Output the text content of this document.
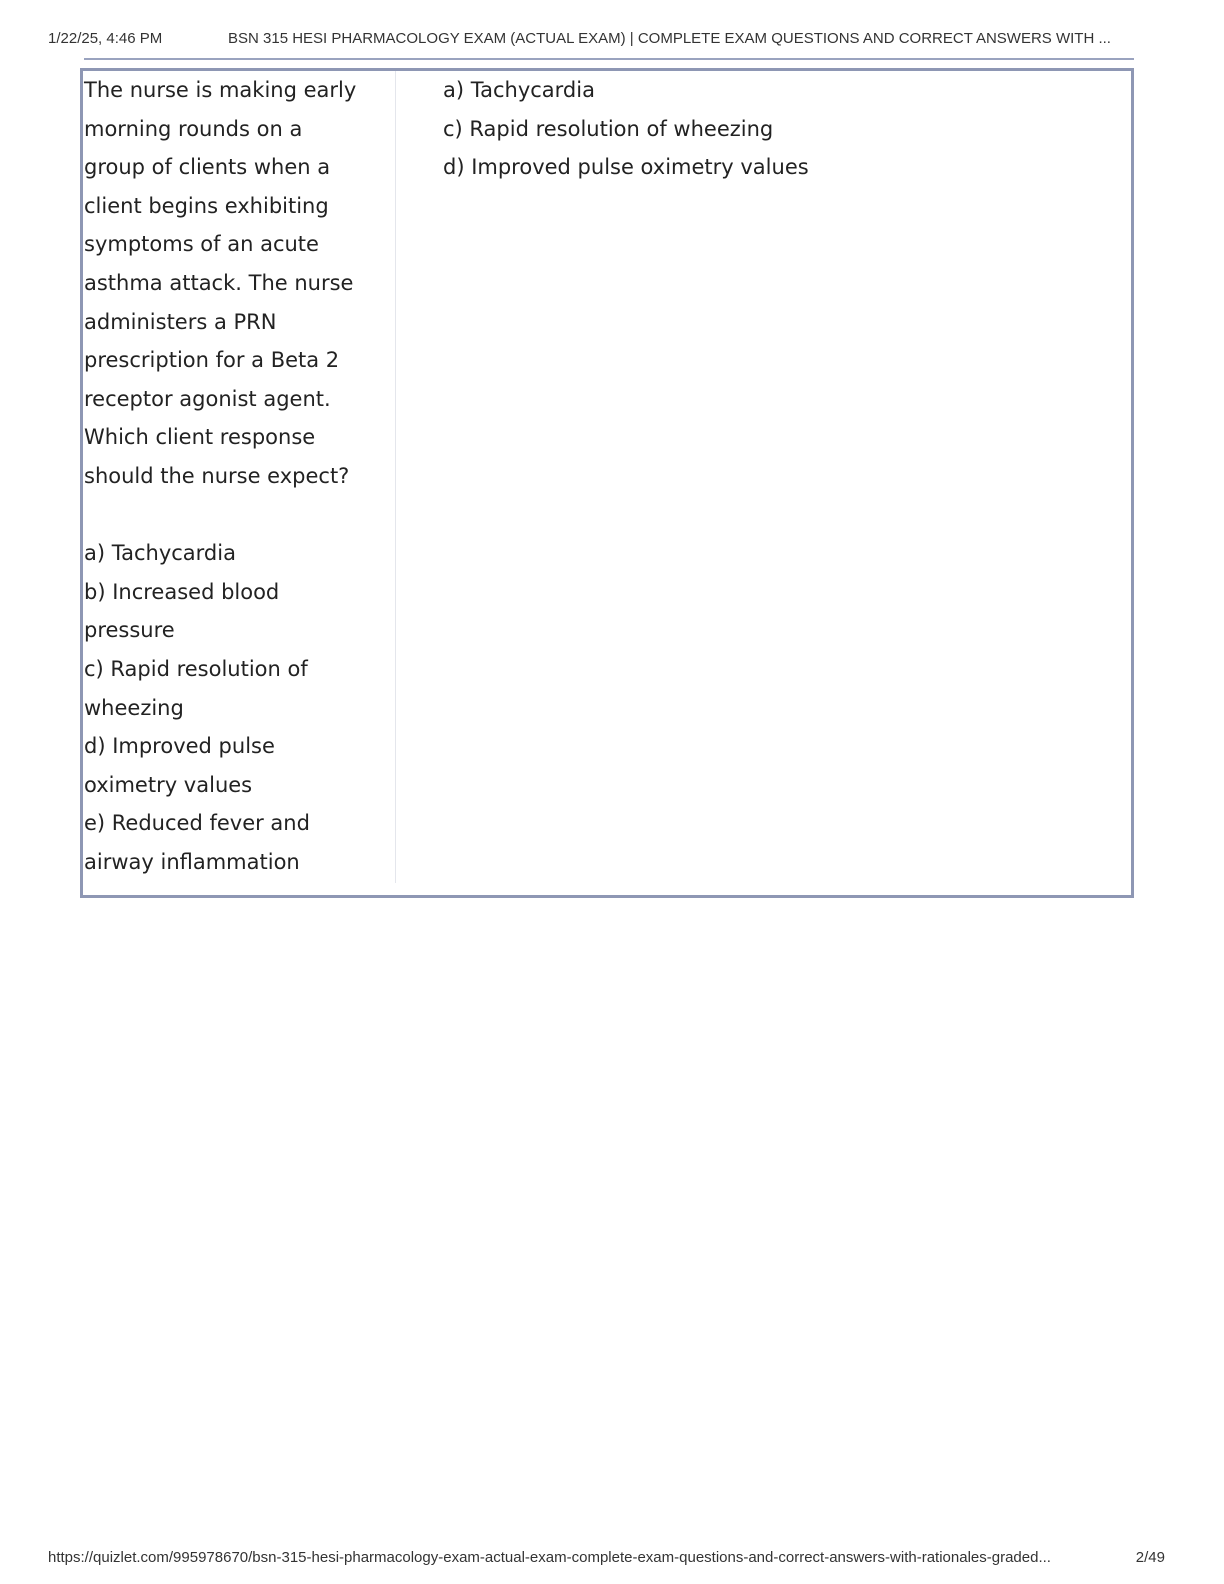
1/22/25, 4:46 PM	BSN 315 HESI PHARMACOLOGY EXAM (ACTUAL EXAM) | COMPLETE EXAM QUESTIONS AND CORRECT ANSWERS WITH ...

The nurse is making early

morning rounds on a

group of clients when a

client begins exhibiting

symptoms of an acute

asthma attack. The nurse

administers a PRN

prescription for a Beta 2

receptor agonist agent.

Which client response

should the nurse expect?

a) Tachycardia

b) Increased blood

pressure

c) Rapid resolution of

wheezing

d) Improved pulse

oximetry values

e) Reduced fever and

airway inflammation

a) Tachycardia

c) Rapid resolution of wheezing

d) Improved pulse oximetry values

https://quizlet.com/995978670/bsn-315-hesi-pharmacology-exam-actual-exam-complete-exam-questions-and-correct-answers-with-rationales-graded...	2/49
